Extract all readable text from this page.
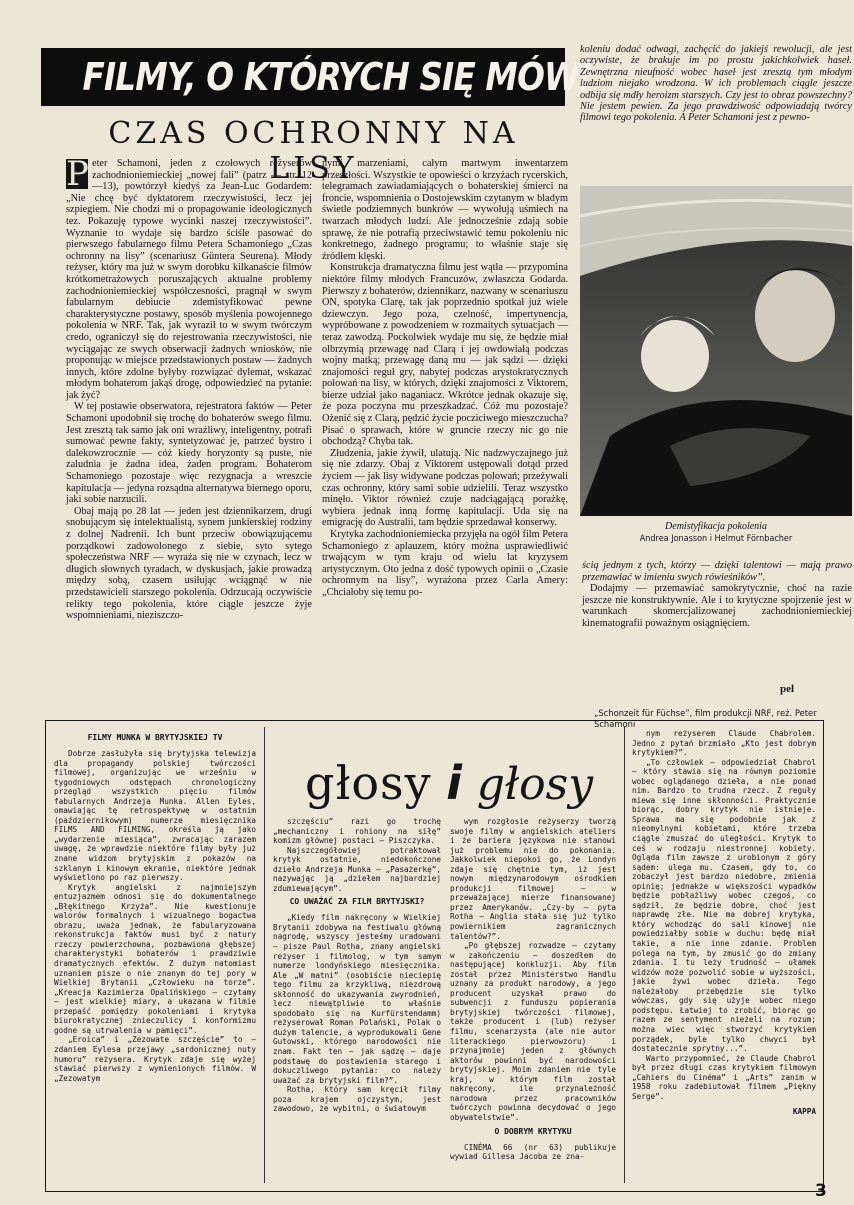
FILMY, O KTÓRYCH SIĘ MÓWI
CZAS OCHRONNY NA LISY

koleniu dodać odwagi, zachęcić do jakiejś rewolucji, ale jest oczywiste, że brakuje im po prostu jakichkolwiek haseł. Zewnętrzna nieufność wobec haseł jest zresztą tym młodym ludziom niejako wrodzona. W ich problemach ciągle jeszcze odbija się mdły heroizm starszych. Czy jest to obraz powszechny? Nie jestem pewien. Za jego prawdziwość odpowiadają twórcy filmowi tego pokolenia. A Peter Schamoni jest z pewno-

P eter Schamoni, jeden z czołowych reżyserów zachodnioniemieckiej „nowej fali” (patrz — str. 12—13), powtórzył kiedyś za Jean-Luc Godardem: „Nie chcę być dyktatorem rzeczywistości, lecz jej szpiegiem. Nie chodzi mi o propagowanie ideologicznych tez. Pokazuję typowe wycinki naszej rzeczywistości”. Wyznanie to wydaje się bardzo ściśle pasować do pierwszego fabularnego filmu Petera Schamoniego „Czas ochronny na lisy” (scenariusz Güntera Seurena). Młody reżyser, który ma już w swym dorobku kilkanaście filmów krótkometrażowych poruszających aktualne problemy zachodnioniemieckiej współczesności, pragnął w swym fabularnym debiucie zdemistyfikować pewne charakterystyczne postawy, sposób myślenia powojennego pokolenia w NRF. Tak, jak wyraził to w swym twórczym credo, ograniczył się do rejestrowania rzeczywistości, nie wyciągając ze swych obserwacji żadnych wniosków, nie proponując w miejsce przedstawionych postaw — żadnych innych, które zdolne byłyby rozwiązać dylemat, wskazać młodym bohaterom jakąś drogę, odpowiedzieć na pytanie: jak żyć?

W tej postawie obserwatora, rejestratora faktów — Peter Schamoni upodobnił się trochę do bohaterów swego filmu. Jest zresztą tak samo jak oni wrażliwy, inteligentny, potrafi sumować pewne fakty, syntetyzować je, patrzeć bystro i dalekowzrocznie — cóż kiedy horyzonty są puste, nie zaludnia je żadna idea, żaden program. Bohaterom Schamoniego pozostaje więc rezygnacja a wreszcie kapitulacja — jedyna rozsądna alternatywa biernego oporu, jaki sobie narzucili.

Obaj mają po 28 lat — jeden jest dziennikarzem, drugi snobującym się intelektualistą, synem junkierskiej rodziny z dolnej Nadrenii. Ich bunt przeciw obowiązującemu porządkowi zadowolonego z siebie, syto sytego społeczeństwa NRF — wyraża się nie w czynach, lecz w długich słownych tyradach, w dyskusjach, jakie prowadzą między sobą, czasem usiłując wciągnąć w nie przedstawicieli starszego pokolenia. Odrzucają oczywiście relikty tego pokolenia, które ciągle jeszcze żyje wspomnieniami, nieziszczo-

nymi marzeniami, całym martwym inwentarzem przeszłości. Wszystkie te opowieści o krzyżach rycerskich, telegramach zawiadamiających o bohaterskiej śmierci na froncie, wspomnienia o Dostojewskim czytanym w bladym świetle podziemnych bunkrów — wywołują uśmiech na twarzach młodych ludzi. Ale jednocześnie zdają sobie sprawę, że nie potrafią przeciwstawić temu pokoleniu nic konkretnego, żadnego programu; to właśnie staje się źródłem klęski.

Konstrukcja dramatyczna filmu jest wątła — przypomina niektóre filmy młodych Francuzów, zwłaszcza Godarda. Pierwszy z bohaterów, dziennikarz, nazwany w scenariuszu ON, spotyka Clarę, tak jak poprzednio spotkał już wiele dziewczyn. Jego poza, czelność, impertynencja, wypróbowane z powodzeniem w rozmaitych sytuacjach — teraz zawodzą. Pockolwiek wydaje mu się, że będzie miał olbrzymią przewagę nad Clarą i jej owdowiałą podczas wojny matką; przewagę daną mu — jak sądzi — dzięki znajomości reguł gry, nabytej podczas arystokratycznych polowań na lisy, w których, dzięki znajomości z Viktorem, bierze udział jako naganiacz. Wkrótce jednak okazuje się, że poza poczyna mu przeszkadzać. Cóż mu pozostaje? Ożenić się z Clarą, pędzić życie pocziciwego mieszczucha? Pisać o sprawach, które w gruncie rzeczy nic go nie obchodzą? Chyba tak.

Złudzenia, jakie żywił, ulatują. Nic nadzwyczajnego już się nie zdarzy. Obaj z Viktorem ustępowali dotąd przed życiem — jak lisy widywane podczas polowań; przeżywali czas ochronny, który sami sobie udzielili. Teraz wszystko minęło. Viktor również czuje nadciągającą porażkę, wybiera jednak inną formę kapitulacji. Uda się na emigrację do Australii, tam będzie sprzedawał konserwy.

Krytyka zachodnioniemiecka przyjęła na ogół film Petera Schamoniego z aplauzem, który można usprawiedliwić trwającym w tym kraju od wielu lat kryzysem artystycznym. Oto jedna z dość typowych opinii o „Czasie ochronnym na lisy”, wyrażona przez Carla Amery: „Chciałoby się temu po-

Demistyfikacja pokolenia
Andrea Jonasson i Helmut Förnbacher

ścią jednym z tych, którzy — dzięki talentowi — mają prawo przemawiać w imieniu swych rówieśników”.

Dodajmy — przemawiać samokrytycznie, choć na razie jeszcze nie konstruktywnie. Ale i to krytyczne spojrzenie jest w warunkach skomercjalizowanej zachodnioniemieckiej kinematografii poważnym osiągnięciem.

pel
„Schonzeit für Füchse”, film produkcji NRF, reż. Peter Schamoni
FILMY MUNKA W BRYTYJSKIEJ TV

Dobrze zasłużyła się brytyjska telewizja dla propagandy polskiej twórczości filmowej, organizując we wrześniu w tygodniowych odstępach chronologiczny przegląd wszystkich pięciu filmów fabularnych Andrzeja Munka. Allen Eyles, omawiając tę retrospektywę w ostatnim (październikowym) numerze miesięcznika FILMS AND FILMING, określa ją jako „wydarzenie miesiąca”, zwracając zarazem uwagę, że wprawdzie niektóre filmy były już znane widzom brytyjskim z pokazów na szklanym i kinowym ekranie, niektóre jednak wyświetlono po raz pierwszy.

Krytyk angielski z najmniejszym entuzjazmem odnosi się do dokumentalnego „Błękitnego Krzyża”. Nie kwestionuje walorów formalnych i wizualnego bogactwa obrazu, uważa jednak, że fabularyzowana rekonstrukcja faktów musi być z natury rzeczy powierzchowna, pozbawiona głębszej charakterystyki bohaterów i prawdziwie dramatycznych efektów. Z dużym natomiast uznaniem pisze o nie znanym do tej pory w Wielkiej Brytanii „Człowieku na torze”. „Kreacja Kazimierza Opalińskiego — czytamy — jest wielkiej miary, a ukazana w filmie przepaść pomiędzy pokoleniami i krytyka biurokratycznej znieczulicy i konformizmu godne są utrwalenia w pamięci”.

„Eroica” i „Zezowate szczęście” to — zdaniem Eylesa przejawy „sardonicznej nuty humoru” reżysera. Krytyk zdaje się wyżej stawiać pierwszy z wymienionych filmów. W „Zezowatym

szczęściu” razi go trochę „mechaniczny i rohiony na siłę” komizm głównej postaci — Piszczyka.

Najszczegółowiej potraktował krytyk ostatnie, niedokończone dzieło Andrzeja Munka — „Pasażerkę”, nazywając ją „dziełem najbardziej zdumiewającym”.

CO UWAŻAĆ ZA FILM BRYTYJSKI?

„Kiedy film nakręcony w Wielkiej Brytanii zdobywa na festiwalu główną nagrodę, wszyscy jesteśmy uradowani — pisze Paul Rotha, znany angielski reżyser i filmolog, w tym samym numerze londyńskiego miesięcznika. Ale „W matni” (osobiście nieciepię tego filmu za krzykliwą, niezdrową skłonność do ukazywania zwyrodnień, lecz niewątpliwie to właśnie spodobało się na Kurfürstendamm) reżyserował Roman Polański, Polak o dużym talencie, a wyprodukowali Gene Gutowski, którego narodowości nie znam. Fakt ten — jak sądzę — daje podstawę do postawienia starego i dokuczliwego pytania: co należy uważać za brytyjski film?”.

Rotha, który sam kręcił filmy poza krajem ojczystym, jest zawodowo, że wybitni, o światowym

wym rozgłosie reżyserzy tworzą swoje filmy w angielskich ateliers i że bariera językowa nie stanowi już problemu nie do pokonania. Jakkolwiek niepokoi go, że Londyn zdaje się chętnie tym, iż jest nowym międzynarodowym ośrodkiem produkcji filmowej — w przeważającej mierze finansowanej przez Amerykanów. „Czy-by — pyta Rotha — Anglia stała się już tylko powiernikiem zagranicznych talentów?”.

„Po głębszej rozwadze — czytamy w zakończeniu — doszedłem do następującej konkluzji. Aby film został przez Ministerstwo Handlu uznany za produkt narodowy, a jego producent uzyskał prawo do subwencji z funduszu popierania brytyjskiej twórczości filmowej, także producent i (lub) reżyser filmu, scenarzysta (ale nie autor literackiego pierwowzoru) i przynajmniej jeden z głównych aktorów powinni być narodowości brytyjskiej. Moim zdaniem nie tyle kraj, w którym film został nakręcony, ile przynależność narodowa przez pracowników twórczych powinna decydować o jego obywatelstwie”.

O DOBRYM KRYTYKU

CINÉMA 66 (nr 63) publikuje wywiad Gillesa Jacoba ze zna-

nym reżyserem Claude Chabrolem. Jedno z pytań brzmiało „Kto jest dobrym krytykiem?”.

„To człowiek — odpowiedział Chabrol — który stawia się na równym poziomie wobec oglądanego dzieła, a nie ponad nim. Bardzo to trudna rzecz. Z reguły miewa się inne skłonności. Praktycznie biorąc, dobry krytyk nie istnieje. Sprawa ma się podobnie jak z nieomylnymi kobietami, które trzeba ciągle zmuszać do uległości. Krytyk to ceś w rodzaju niestronnej kobiety. Ogląda film zawsze z urobionym z góry sądem: ulega mu. Czasem, gdy to, co zobaczył jest bardzo niedobre, zmienia opinię; jednakże w większości wypadków będzie pobłażliwy wobec czegoś, co sądził, że będzie dobre, choć jest naprawdę złe. Nie ma dobrej krytyka, który wchodząc do sali kinowej nie powiedziałby sobie w duchu: będę miał takie, a nie inne zdanie. Problem polega na tym, by zmusić go do zmiany zdania. I tu leży trudność — ułamek widzów może pozwolić sobie w wyższości, jakie żywi wobec dzieła. Tego należałoby przebędzie się tylko wówczas, gdy się użyje wobec niego podstępu. Łatwiej to zrobić, biorąc go razem ze sentyment nieżeli na rozum; można wiec więc stworzyć krytykiem porządek, byle tylko chwyci był dostatecznie sprytny...”.

Warto przypomnieć, że Claude Chabrol był przez długi czas krytykiem filmowym „Cahiers du Cinéma” i „Arts” zanim w 1958 roku zadebiutował filmem „Piękny Serge”.

KAPPA
głosy i głosy
3
